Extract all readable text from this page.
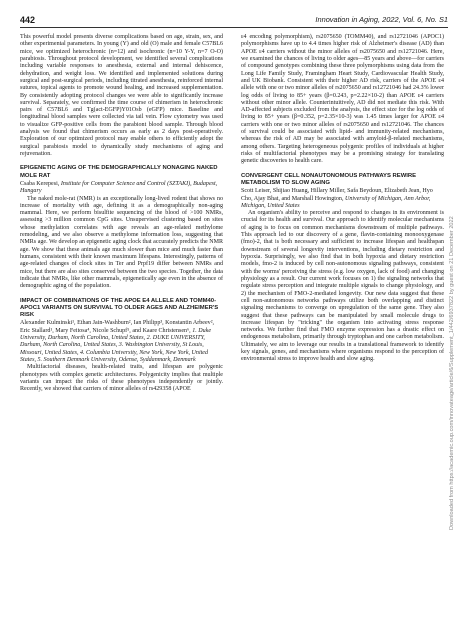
442	Innovation in Aging, 2022, Vol. 6, No. S1

This powerful model presents diverse complications based on age, strain, sex, and other experimental parameters. In young (Y) and old (O) male and female C57BL6 mice, we optimized heterochronic (n=12) and isochronic (n=10 Y-Y, n=7 O-O) parabiosis. Throughout protocol development, we identified several complications including variable responses to anesthesia, external and internal dehiscence, dehydration, and weight loss. We identified and implemented solutions during surgical and post-surgical periods, including titrated anesthesia, reinforced internal sutures, topical agents to promote wound healing, and increased supplementation. By consistently adopting protocol changes we were able to significantly increase survival. Separately, we confirmed the time course of chimerism in heterochronic pairs of C57BL6 and Tg(act-EGFP)Y01Osb (eGFP) mice. Baseline and longitudinal blood samples were collected via tail vein. Flow cytometry was used to visualize GFP-positive cells from the parabiont blood sample. Through blood analysis we found that chimerism occurs as early as 2 days post-operatively. Exploration of our optimized protocol may enable others to efficiently adopt the surgical parabiosis model to dynamically study mechanisms of aging and rejuvenation.

EPIGENETIC AGING OF THE DEMOGRAPHICALLY NONAGING NAKED MOLE RAT
Csaba Kerepesi, Institute for Computer Science and Control (SZTAKI), Budapest, Hungary

The naked mole-rat (NMR) is an exceptionally long-lived rodent that shows no increase of mortality with age, defining it as a demographically non-aging mammal. Here, we perform bisulfite sequencing of the blood of >100 NMRs, assessing >3 million common CpG sites. Unsupervised clustering based on sites whose methylation correlates with age reveals an age-related methylome remodeling, and we also observe a methylome information loss, suggesting that NMRs age. We develop an epigenetic aging clock that accurately predicts the NMR age. We show that these animals age much slower than mice and much faster than humans, consistent with their known maximum lifespans. Interestingly, patterns of age-related changes of clock sites in Ter and Prpf19 differ between NMRs and mice, but there are also sites conserved between the two species. Together, the data indicate that NMRs, like other mammals, epigenetically age even in the absence of demographic aging of the population.

IMPACT OF COMBINATIONS OF THE APOE E4 ALLELE AND TOMM40-APOC1 VARIANTS ON SURVIVAL TO OLDER AGES AND ALZHEIMER'S RISK
Alexander Kulminski¹, Ethan Jain-Washburn², Ian Philipp³, Konstantin Arbeev², Eric Stallard¹, Mary Feitosa⁴, Nicole Schupf⁵, and Kaare Christensen⁶, 1. Duke University, Durham, North Carolina, United States, 2. DUKE UNIVERSITY, Durham, North Carolina, United States, 3. Washington University, St Louis, Missouri, United States, 4. Columbia University, New York, New York, United States, 5. Southern Denmark University, Odense, Syddanmark, Denmark

Multifactorial diseases, health-related traits, and lifespan are polygenic phenotypes with complex genetic architectures. Polygenicity implies that multiple variants can impact the risks of these phenotypes independently or jointly. Recently, we showed that carriers of minor alleles of rs429358 (APOE

ε4 encoding polymorphism), rs2075650 (TOMM40), and rs12721046 (APOC1) polymorphisms have up to 4.4 times higher risk of Alzheimer's disease (AD) than APOE ε4 carriers without the minor alleles of rs2075650 and rs12721046. Here, we examined the chances of living to older ages—85 years and above—for carriers of compound genotypes combining these three polymorphisms using data from the Long Life Family Study, Framingham Heart Study, Cardiovascular Health Study, and UK Biobank. Consistent with their higher AD risk, carriers of the APOE ε4 allele with one or two minor alleles of rs2075650 and rs12721046 had 24.3% lower log odds of living to 85+ years (β=0.243, p=2.22×10-2) than APOE ε4 carriers without other minor allele. Counterintuitively, AD did not mediate this risk. With AD-affected subjects excluded from the analysis, the effect size for the log odds of living to 85+ years (β=0.352, p=2.35×10-3) was 1.45 times larger for APOE ε4 carriers with one or two minor alleles of rs2075650 and rs12721046. The chances of survival could be associated with lipid- and immunity-related mechanisms, whereas the risk of AD may be associated with amyloid-β-related mechanisms, among others. Targeting heterogeneous polygenic profiles of individuals at higher risks of multifactorial phenotypes may be a promising strategy for translating genetic discoveries to health care.

CONVERGENT CELL NONAUTONOMOUS PATHWAYS REWIRE METABOLISM TO SLOW AGING
Scott Leiser, Shijiao Huang, Hillary Miller, Safa Beydoun, Elizabeth Jean, Hyo Cho, Ajay Bhat, and Marshall Howington, University of Michigan, Ann Arbor, Michigan, United States

An organism's ability to perceive and respond to changes in its environment is crucial for its health and survival. Our approach to identify molecular mechanisms of aging is to focus on common mechanisms downstream of multiple pathways. This approach led to our discovery of a gene, flavin-containing monooxygenase (fmo)-2, that is both necessary and sufficient to increase lifespan and healthspan downstream of several longevity interventions, including dietary restriction and hypoxia. Surprisingly, we also find that in both hypoxia and dietary restriction models, fmo-2 is induced by cell non-autonomous signaling pathways, consistent with the worms' perceiving the stress (e.g. low oxygen, lack of food) and changing physiology as a result. Our current work focuses on 1) the signaling networks that regulate stress perception and integrate multiple signals to change physiology, and 2) the mechanism of FMO-2-mediated longevity. Our new data suggest that these cell non-autonomous networks pathways utilize both overlapping and distinct signaling mechanisms to converge on upregulation of the same gene. They also suggest that these pathways can be manipulated by small molecule drugs to increase lifespan by "tricking" the organism into activating stress response networks. We further find that FMO enzyme expression has a drastic effect on endogenous metabolism, primarily through tryptophan and one carbon metabolism. Ultimately, we aim to leverage our results in a translational framework to identify key signals, genes, and mechanisms where organisms respond to the perception of environmental stress to improve health and slow aging.	Downloaded from https://academic.oup.com/innovateage/article/6/Supplement_1/442/6937822 by guest on 21 December 2022
